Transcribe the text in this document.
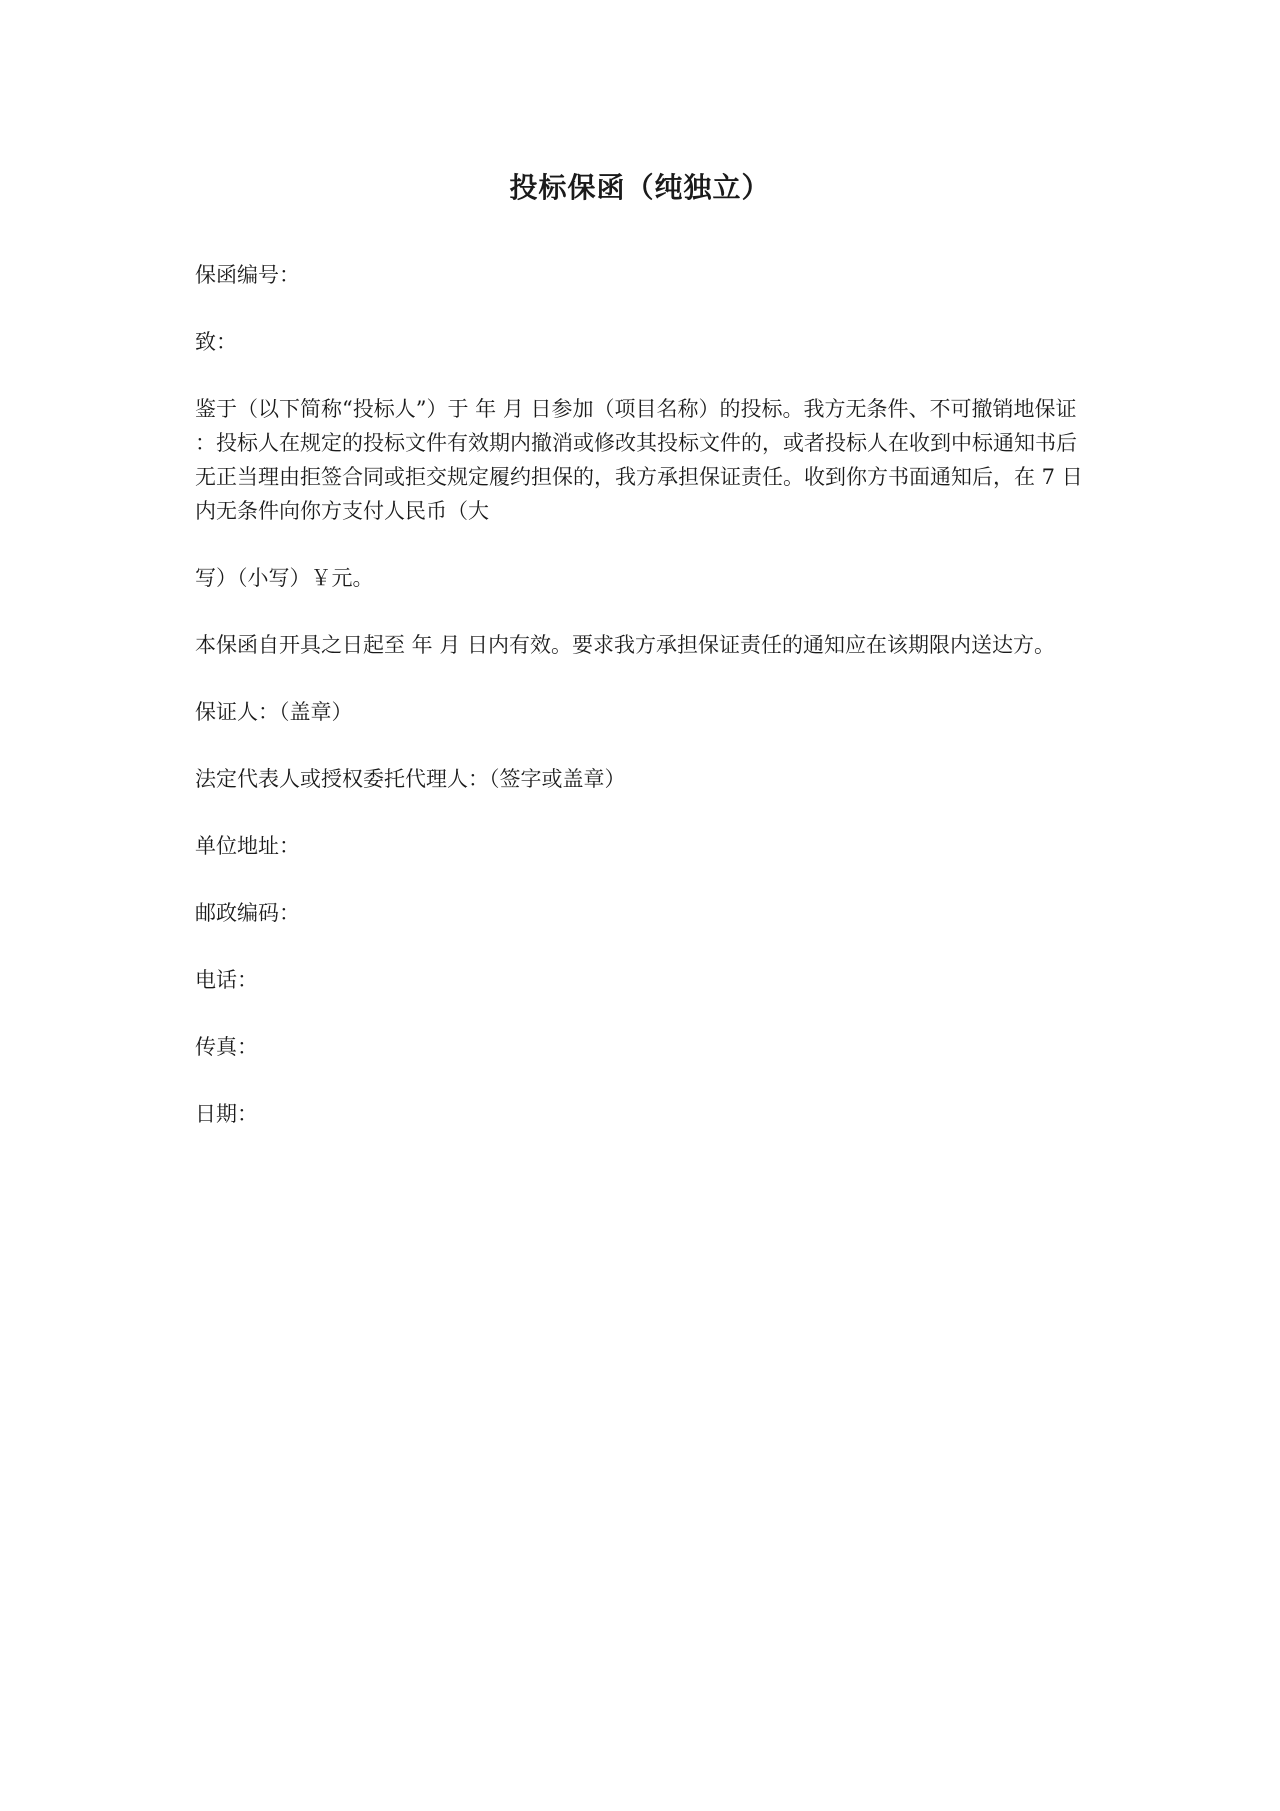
投标保函（纯独立）

保函编号：

致：

鉴于（以下简称“投标人”）于 年 月 日参加（项目名称）的投标。我方无条件、不可撤销地保证：投标人在规定的投标文件有效期内撤消或修改其投标文件的，或者投标人在收到中标通知书后无正当理由拒签合同或拒交规定履约担保的，我方承担保证责任。收到你方书面通知后，在 7 日内无条件向你方支付人民币（大

写）（小写）￥元。

本保函自开具之日起至 年 月 日内有效。要求我方承担保证责任的通知应在该期限内送达方。

保证人：（盖章）

法定代表人或授权委托代理人：（签字或盖章）

单位地址：

邮政编码：

电话：

传真：

日期：
